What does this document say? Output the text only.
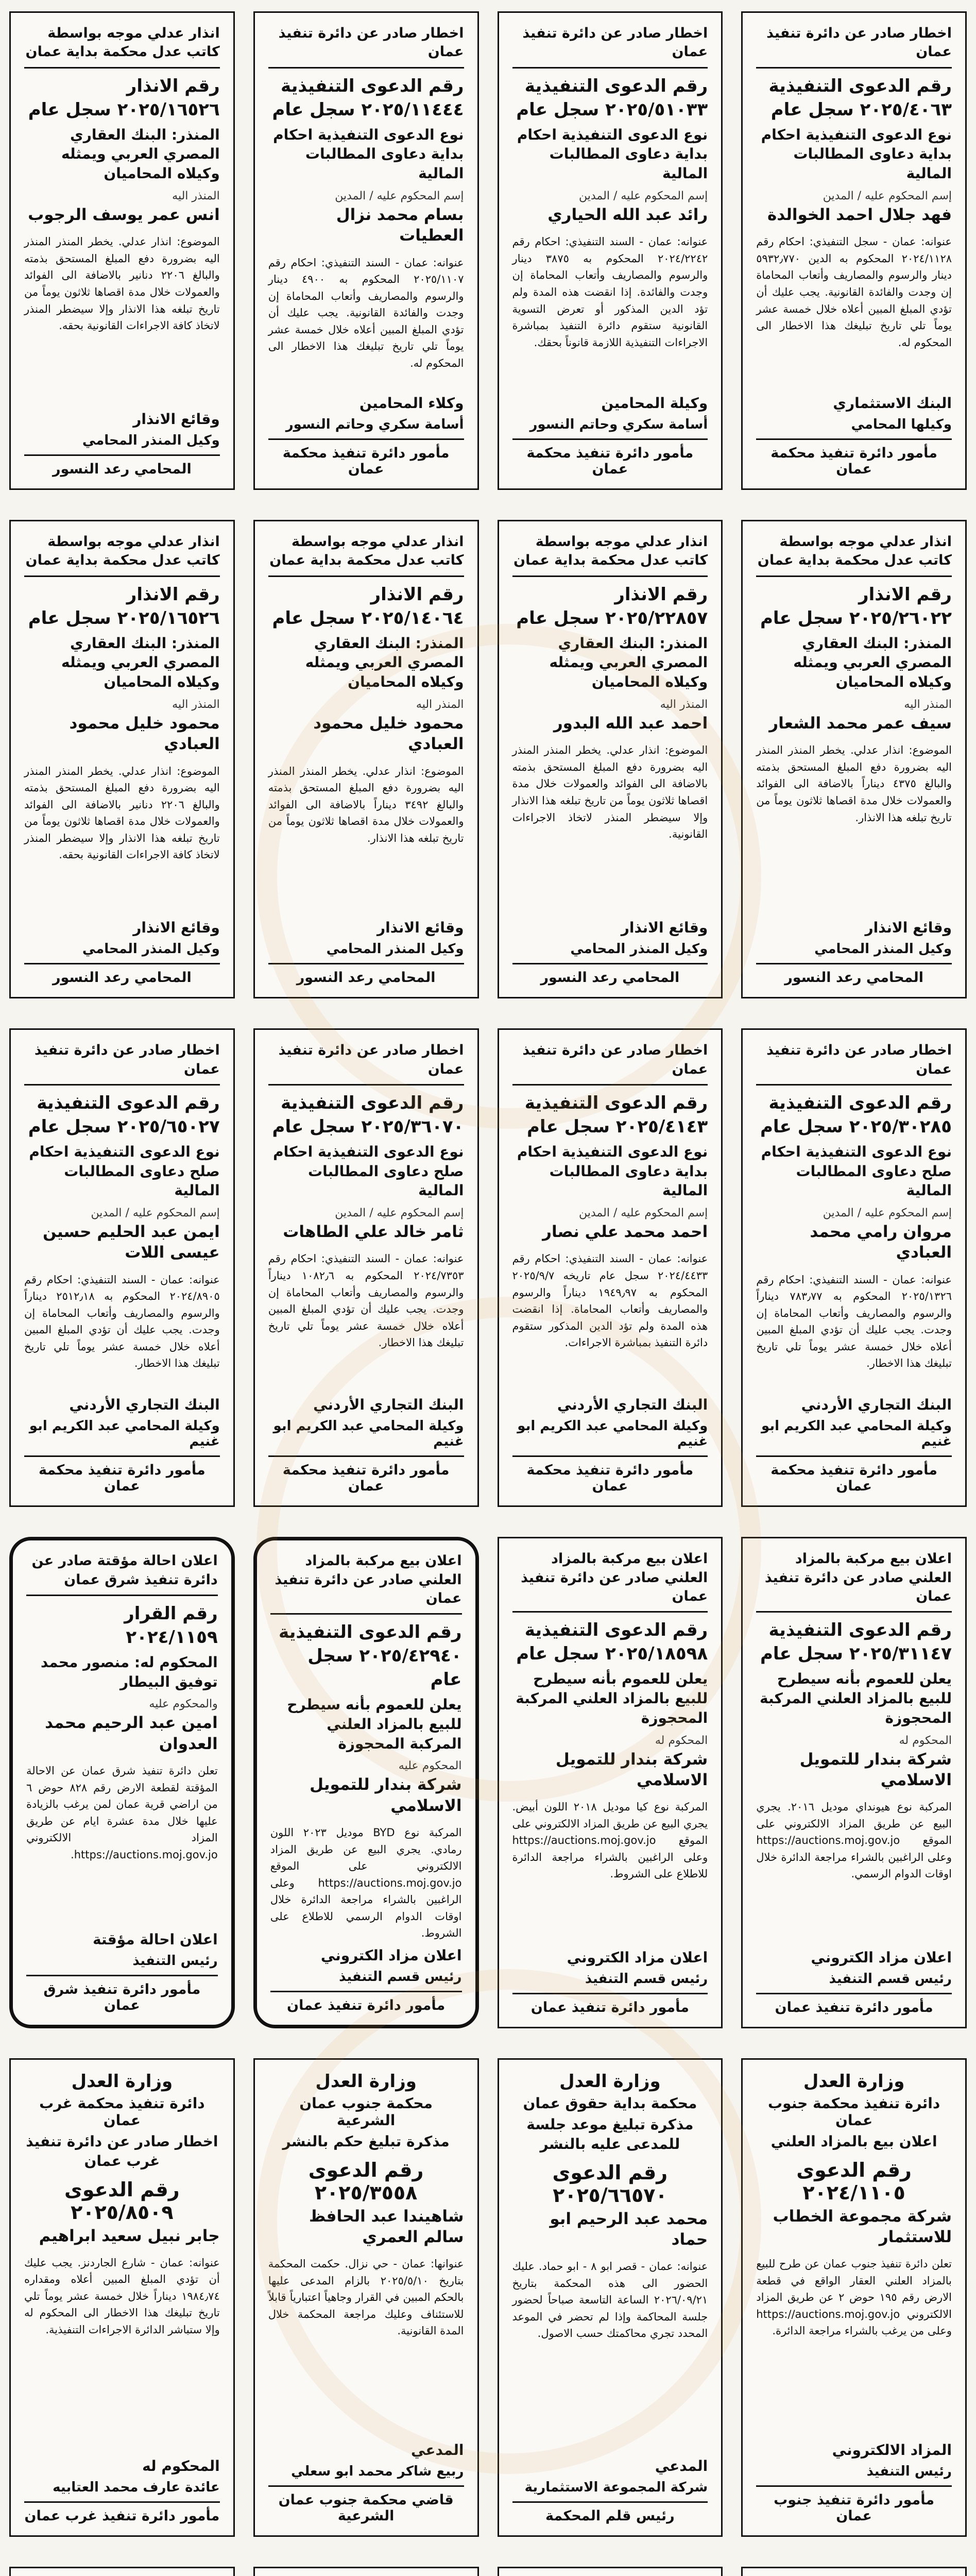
اخطار صادر عن دائرة تنفيذ عمان
رقم الدعوى التنفيذية ٢٠٢٥/٤٠٦٣ سجل عام
نوع الدعوى التنفيذية احكام بداية دعاوى المطالبات المالية
إسم المحكوم عليه / المدين
فهد جلال احمد الخوالدة
عنوانه: عمان - سجل التنفيذي: احكام رقم ٢٠٢٤/١١٢٨ المحكوم به الدين ٥٩٣٢٫٧٧٠ دينار والرسوم والمصاريف وأتعاب المحاماة إن وجدت والفائدة القانونية. يجب عليك أن تؤدي المبلغ المبين أعلاه خلال خمسة عشر يوماً تلي تاريخ تبليغك هذا الاخطار الى المحكوم له.
البنك الاستثماري
وكيلها المحامي
مأمور دائرة تنفيذ محكمة عمان
اخطار صادر عن دائرة تنفيذ عمان
رقم الدعوى التنفيذية ٢٠٢٥/٥١٠٣٣ سجل عام
نوع الدعوى التنفيذية احكام بداية دعاوى المطالبات المالية
إسم المحكوم عليه / المدين
رائد عبد الله الحياري
عنوانه: عمان - السند التنفيذي: احكام رقم ٢٠٢٤/٢٢٤٢ المحكوم به ٣٨٧٥ دينار والرسوم والمصاريف وأتعاب المحاماة إن وجدت والفائدة. إذا انقضت هذه المدة ولم تؤد الدين المذكور أو تعرض التسوية القانونية ستقوم دائرة التنفيذ بمباشرة الاجراءات التنفيذية اللازمة قانوناً بحقك.
وكيلة المحامين
أسامة سكري وحاتم النسور
مأمور دائرة تنفيذ محكمة عمان
اخطار صادر عن دائرة تنفيذ عمان
رقم الدعوى التنفيذية ٢٠٢٥/١١٤٤٤ سجل عام
نوع الدعوى التنفيذية احكام بداية دعاوى المطالبات المالية
إسم المحكوم عليه / المدين
بسام محمد نزال العطيات
عنوانه: عمان - السند التنفيذي: احكام رقم ٢٠٢٥/١١٠٧ المحكوم به ٤٩٠٠ دينار والرسوم والمصاريف وأتعاب المحاماة إن وجدت والفائدة القانونية. يجب عليك أن تؤدي المبلغ المبين أعلاه خلال خمسة عشر يوماً تلي تاريخ تبليغك هذا الاخطار الى المحكوم له.
وكلاء المحامين
أسامة سكري وحاتم النسور
مأمور دائرة تنفيذ محكمة عمان
انذار عدلي موجه بواسطة كاتب عدل محكمة بداية عمان
رقم الانذار ٢٠٢٥/١٦٥٢٦ سجل عام
المنذر: البنك العقاري المصري العربي ويمثله وكيلاه المحاميان
المنذر اليه
انس عمر يوسف الرجوب
الموضوع: انذار عدلي. يخطر المنذر المنذر اليه بضرورة دفع المبلغ المستحق بذمته والبالغ ٢٢٠٦ دنانير بالاضافة الى الفوائد والعمولات خلال مدة اقصاها ثلاثون يوماً من تاريخ تبلغه هذا الانذار وإلا سيضطر المنذر لاتخاذ كافة الاجراءات القانونية بحقه.
وقائع الانذار
وكيل المنذر المحامي
المحامي رعد النسور
انذار عدلي موجه بواسطة كاتب عدل محكمة بداية عمان
رقم الانذار ٢٠٢٥/٢٦٠٢٢ سجل عام
المنذر: البنك العقاري المصري العربي ويمثله وكيلاه المحاميان
المنذر اليه
سيف عمر محمد الشعار
الموضوع: انذار عدلي. يخطر المنذر المنذر اليه بضرورة دفع المبلغ المستحق بذمته والبالغ ٤٣٧٥ ديناراً بالاضافة الى الفوائد والعمولات خلال مدة اقصاها ثلاثون يوماً من تاريخ تبلغه هذا الانذار.
وقائع الانذار
وكيل المنذر المحامي
المحامي رعد النسور
انذار عدلي موجه بواسطة كاتب عدل محكمة بداية عمان
رقم الانذار ٢٠٢٥/٢٢٨٥٧ سجل عام
المنذر: البنك العقاري المصري العربي ويمثله وكيلاه المحاميان
المنذر اليه
احمد عبد الله البدور
الموضوع: انذار عدلي. يخطر المنذر المنذر اليه بضرورة دفع المبلغ المستحق بذمته بالاضافة الى الفوائد والعمولات خلال مدة اقصاها ثلاثون يوماً من تاريخ تبلغه هذا الانذار وإلا سيضطر المنذر لاتخاذ الاجراءات القانونية.
وقائع الانذار
وكيل المنذر المحامي
المحامي رعد النسور
انذار عدلي موجه بواسطة كاتب عدل محكمة بداية عمان
رقم الانذار ٢٠٢٥/١٤٠٦٤ سجل عام
المنذر: البنك العقاري المصري العربي ويمثله وكيلاه المحاميان
المنذر اليه
محمود خليل محمود العبادي
الموضوع: انذار عدلي. يخطر المنذر المنذر اليه بضرورة دفع المبلغ المستحق بذمته والبالغ ٣٤٩٢ ديناراً بالاضافة الى الفوائد والعمولات خلال مدة اقصاها ثلاثون يوماً من تاريخ تبلغه هذا الانذار.
وقائع الانذار
وكيل المنذر المحامي
المحامي رعد النسور
انذار عدلي موجه بواسطة كاتب عدل محكمة بداية عمان
رقم الانذار ٢٠٢٥/١٦٥٢٦ سجل عام
المنذر: البنك العقاري المصري العربي ويمثله وكيلاه المحاميان
المنذر اليه
محمود خليل محمود العبادي
الموضوع: انذار عدلي. يخطر المنذر المنذر اليه بضرورة دفع المبلغ المستحق بذمته والبالغ ٢٢٠٦ دنانير بالاضافة الى الفوائد والعمولات خلال مدة اقصاها ثلاثون يوماً من تاريخ تبلغه هذا الانذار وإلا سيضطر المنذر لاتخاذ كافة الاجراءات القانونية بحقه.
وقائع الانذار
وكيل المنذر المحامي
المحامي رعد النسور
اخطار صادر عن دائرة تنفيذ عمان
رقم الدعوى التنفيذية ٢٠٢٥/٣٠٢٨٥ سجل عام
نوع الدعوى التنفيذية احكام صلح دعاوى المطالبات المالية
إسم المحكوم عليه / المدين
مروان رامي محمد العبادي
عنوانه: عمان - السند التنفيذي: احكام رقم ٢٠٢٥/١٣٢٦ المحكوم به ٧٨٣٫٧٧ ديناراً والرسوم والمصاريف وأتعاب المحاماة إن وجدت. يجب عليك أن تؤدي المبلغ المبين أعلاه خلال خمسة عشر يوماً تلي تاريخ تبليغك هذا الاخطار.
البنك التجاري الأردني
وكيلة المحامي عبد الكريم ابو غنيم
مأمور دائرة تنفيذ محكمة عمان
اخطار صادر عن دائرة تنفيذ عمان
رقم الدعوى التنفيذية ٢٠٢٥/٤١٤٣ سجل عام
نوع الدعوى التنفيذية احكام بداية دعاوى المطالبات المالية
إسم المحكوم عليه / المدين
احمد محمد علي نصار
عنوانه: عمان - السند التنفيذي: احكام رقم ٢٠٢٤/٤٤٣٣ سجل عام تاريخه ٢٠٢٥/٩/٧ المحكوم به ١٩٤٩٫٩٧ ديناراً والرسوم والمصاريف وأتعاب المحاماة. إذا انقضت هذه المدة ولم تؤد الدين المذكور ستقوم دائرة التنفيذ بمباشرة الاجراءات.
البنك التجاري الأردني
وكيلة المحامي عبد الكريم ابو غنيم
مأمور دائرة تنفيذ محكمة عمان
اخطار صادر عن دائرة تنفيذ عمان
رقم الدعوى التنفيذية ٢٠٢٥/٣٦٠٧٠ سجل عام
نوع الدعوى التنفيذية احكام صلح دعاوى المطالبات المالية
إسم المحكوم عليه / المدين
ثامر خالد علي الطاهات
عنوانه: عمان - السند التنفيذي: احكام رقم ٢٠٢٤/٧٣٥٣ المحكوم به ١٠٨٢٫٦ ديناراً والرسوم والمصاريف وأتعاب المحاماة إن وجدت. يجب عليك أن تؤدي المبلغ المبين أعلاه خلال خمسة عشر يوماً تلي تاريخ تبليغك هذا الاخطار.
البنك التجاري الأردني
وكيلة المحامي عبد الكريم ابو غنيم
مأمور دائرة تنفيذ محكمة عمان
اخطار صادر عن دائرة تنفيذ عمان
رقم الدعوى التنفيذية ٢٠٢٥/٦٥٠٢٧ سجل عام
نوع الدعوى التنفيذية احكام صلح دعاوى المطالبات المالية
إسم المحكوم عليه / المدين
ايمن عبد الحليم حسين عيسى اللات
عنوانه: عمان - السند التنفيذي: احكام رقم ٢٠٢٤/٨٩٠٥ المحكوم به ٢٥١٢٫١٨ ديناراً والرسوم والمصاريف وأتعاب المحاماة إن وجدت. يجب عليك أن تؤدي المبلغ المبين أعلاه خلال خمسة عشر يوماً تلي تاريخ تبليغك هذا الاخطار.
البنك التجاري الأردني
وكيلة المحامي عبد الكريم ابو غنيم
مأمور دائرة تنفيذ محكمة عمان
اعلان بيع مركبة بالمزاد العلني صادر عن دائرة تنفيذ عمان
رقم الدعوى التنفيذية ٢٠٢٥/٣١١٤٧ سجل عام
يعلن للعموم بأنه سيطرح للبيع بالمزاد العلني المركبة المحجوزة
المحكوم له
شركة بندار للتمويل الاسلامي
المركبة نوع هيونداي موديل ٢٠١٦. يجري البيع عن طريق المزاد الالكتروني على الموقع https://auctions.moj.gov.jo وعلى الراغبين بالشراء مراجعة الدائرة خلال اوقات الدوام الرسمي.
اعلان مزاد الكتروني
رئيس قسم التنفيذ
مأمور دائرة تنفيذ عمان
اعلان بيع مركبة بالمزاد العلني صادر عن دائرة تنفيذ عمان
رقم الدعوى التنفيذية ٢٠٢٥/١٨٥٩٨ سجل عام
يعلن للعموم بأنه سيطرح للبيع بالمزاد العلني المركبة المحجوزة
المحكوم له
شركة بندار للتمويل الاسلامي
المركبة نوع كيا موديل ٢٠١٨ اللون أبيض. يجري البيع عن طريق المزاد الالكتروني على الموقع https://auctions.moj.gov.jo وعلى الراغبين بالشراء مراجعة الدائرة للاطلاع على الشروط.
اعلان مزاد الكتروني
رئيس قسم التنفيذ
مأمور دائرة تنفيذ عمان
اعلان بيع مركبة بالمزاد العلني صادر عن دائرة تنفيذ عمان
رقم الدعوى التنفيذية ٢٠٢٥/٤٢٩٤٠ سجل عام
يعلن للعموم بأنه سيطرح للبيع بالمزاد العلني المركبة المحجوزة
المحكوم عليه
شركة بندار للتمويل الاسلامي
المركبة نوع BYD موديل ٢٠٢٣ اللون رمادي. يجري البيع عن طريق المزاد الالكتروني على الموقع https://auctions.moj.gov.jo وعلى الراغبين بالشراء مراجعة الدائرة خلال اوقات الدوام الرسمي للاطلاع على الشروط.
اعلان مزاد الكتروني
رئيس قسم التنفيذ
مأمور دائرة تنفيذ عمان
اعلان احالة مؤقتة صادر عن دائرة تنفيذ شرق عمان
رقم القرار ٢٠٢٤/١١٥٩
المحكوم له: منصور محمد توفيق البيطار
والمحكوم عليه
امين عبد الرحيم محمد العدوان
تعلن دائرة تنفيذ شرق عمان عن الاحالة المؤقتة لقطعة الارض رقم ٨٢٨ حوض ٦ من اراضي قرية عمان لمن يرغب بالزيادة عليها خلال مدة عشرة ايام عن طريق المزاد الالكتروني https://auctions.moj.gov.jo.
اعلان احالة مؤقتة
رئيس التنفيذ
مأمور دائرة تنفيذ شرق عمان
وزارة العدل
دائرة تنفيذ محكمة جنوب عمان
اعلان بيع بالمزاد العلني
رقم الدعوى ٢٠٢٤/١١٠٥
شركة مجموعة الخطاب للاستثمار
تعلن دائرة تنفيذ جنوب عمان عن طرح للبيع بالمزاد العلني العقار الواقع في قطعة الارض رقم ١٩٥ حوض ٢ عن طريق المزاد الالكتروني https://auctions.moj.gov.jo وعلى من يرغب بالشراء مراجعة الدائرة.
المزاد الالكتروني
رئيس التنفيذ
مأمور دائرة تنفيذ جنوب عمان
وزارة العدل
محكمة بداية حقوق عمان
مذكرة تبليغ موعد جلسة للمدعى عليه بالنشر
رقم الدعوى ٢٠٢٥/٦٦٥٧٠
محمد عبد الرحيم ابو حماد
عنوانه: عمان - قصر ابو ٨ - ابو حماد. عليك الحضور الى هذه المحكمة بتاريخ ٢٠٢٦/٠٩/٢١ الساعة التاسعة صباحاً لحضور جلسة المحاكمة وإذا لم تحضر في الموعد المحدد تجري محاكمتك حسب الاصول.
المدعي
شركة المجموعة الاستثمارية
رئيس قلم المحكمة
وزارة العدل
محكمة جنوب عمان الشرعية
مذكرة تبليغ حكم بالنشر
رقم الدعوى ٢٠٢٥/٣٥٥٨
شاهيندا عبد الحافظ سالم العمري
عنوانها: عمان - حي نزال. حكمت المحكمة بتاريخ ٢٠٢٥/٥/١٠ بالزام المدعى عليها بالحكم المبين في القرار وجاهياً اعتبارياً قابلاً للاستئناف وعليك مراجعة المحكمة خلال المدة القانونية.
المدعي
ربيع شاكر محمد ابو سعلي
قاضي محكمة جنوب عمان الشرعية
وزارة العدل
دائرة تنفيذ محكمة غرب عمان
اخطار صادر عن دائرة تنفيذ غرب عمان
رقم الدعوى ٢٠٢٥/٨٥٠٩
جابر نبيل سعيد ابراهيم
عنوانه: عمان - شارع الجاردنز. يجب عليك أن تؤدي المبلغ المبين أعلاه ومقداره ١٩٨٤٫٧٤ ديناراً خلال خمسة عشر يوماً تلي تاريخ تبليغك هذا الاخطار الى المحكوم له وإلا ستباشر الدائرة الاجراءات التنفيذية.
المحكوم له
عائدة عارف محمد العتابيه
مأمور دائرة تنفيذ غرب عمان
